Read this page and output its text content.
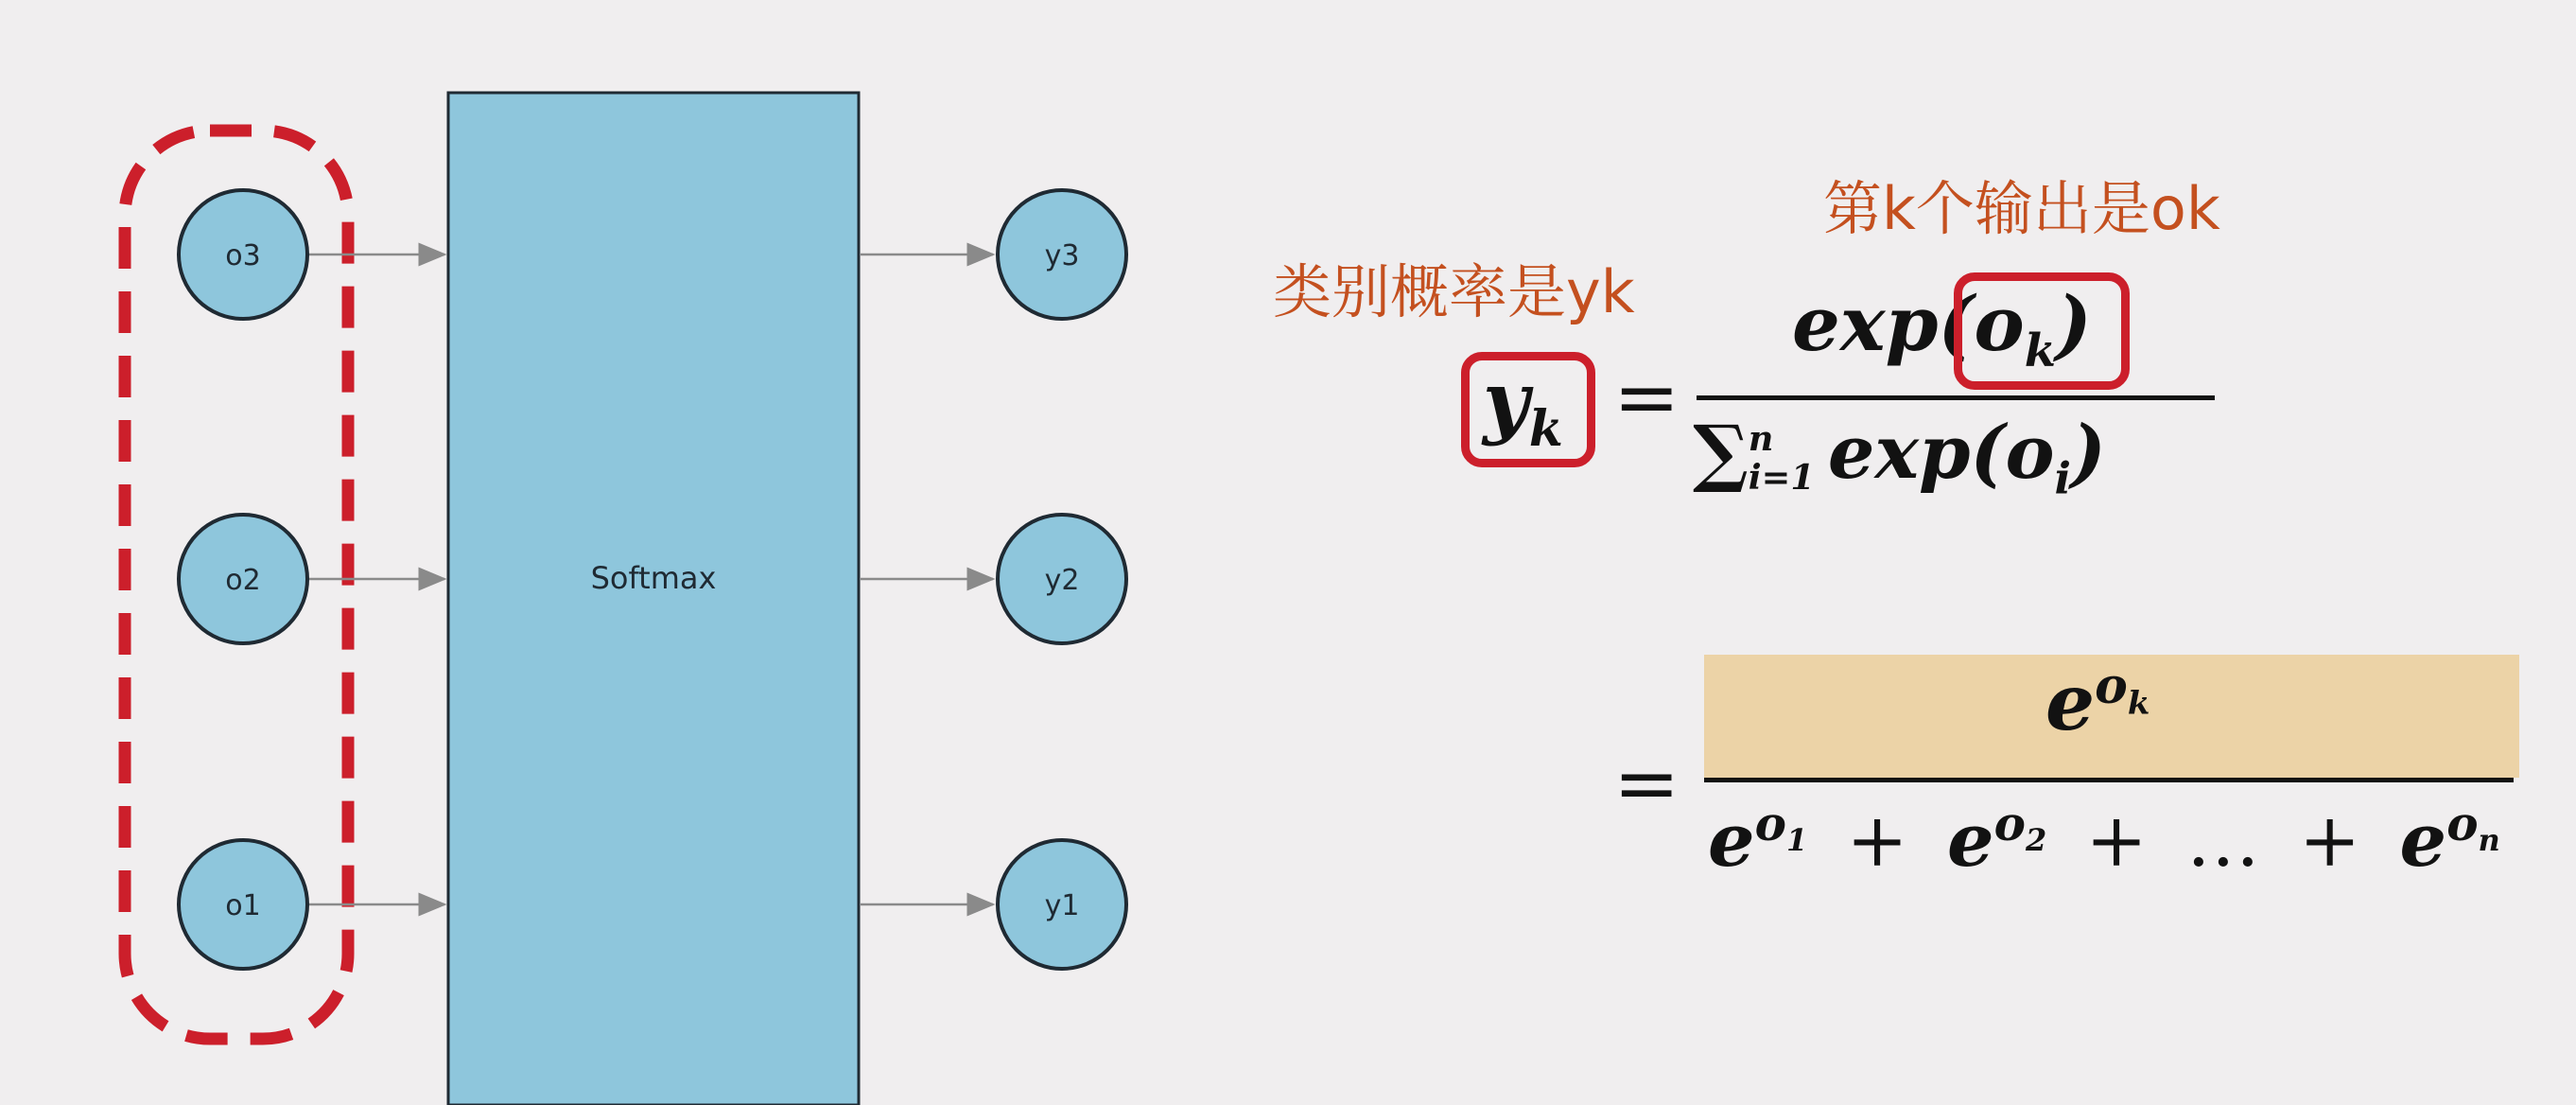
Softmax
o3
o2
o1
y3
y2
y1
第k个输出是ok
类别概率是yk
$y_k$ =
$\exp(o_k)$
∑ n
i=1 $\exp(o_i)$
=
$e^{o_k}$
$e^{o_1} + e^{o_2}$ + … + $e^{o_n}$
